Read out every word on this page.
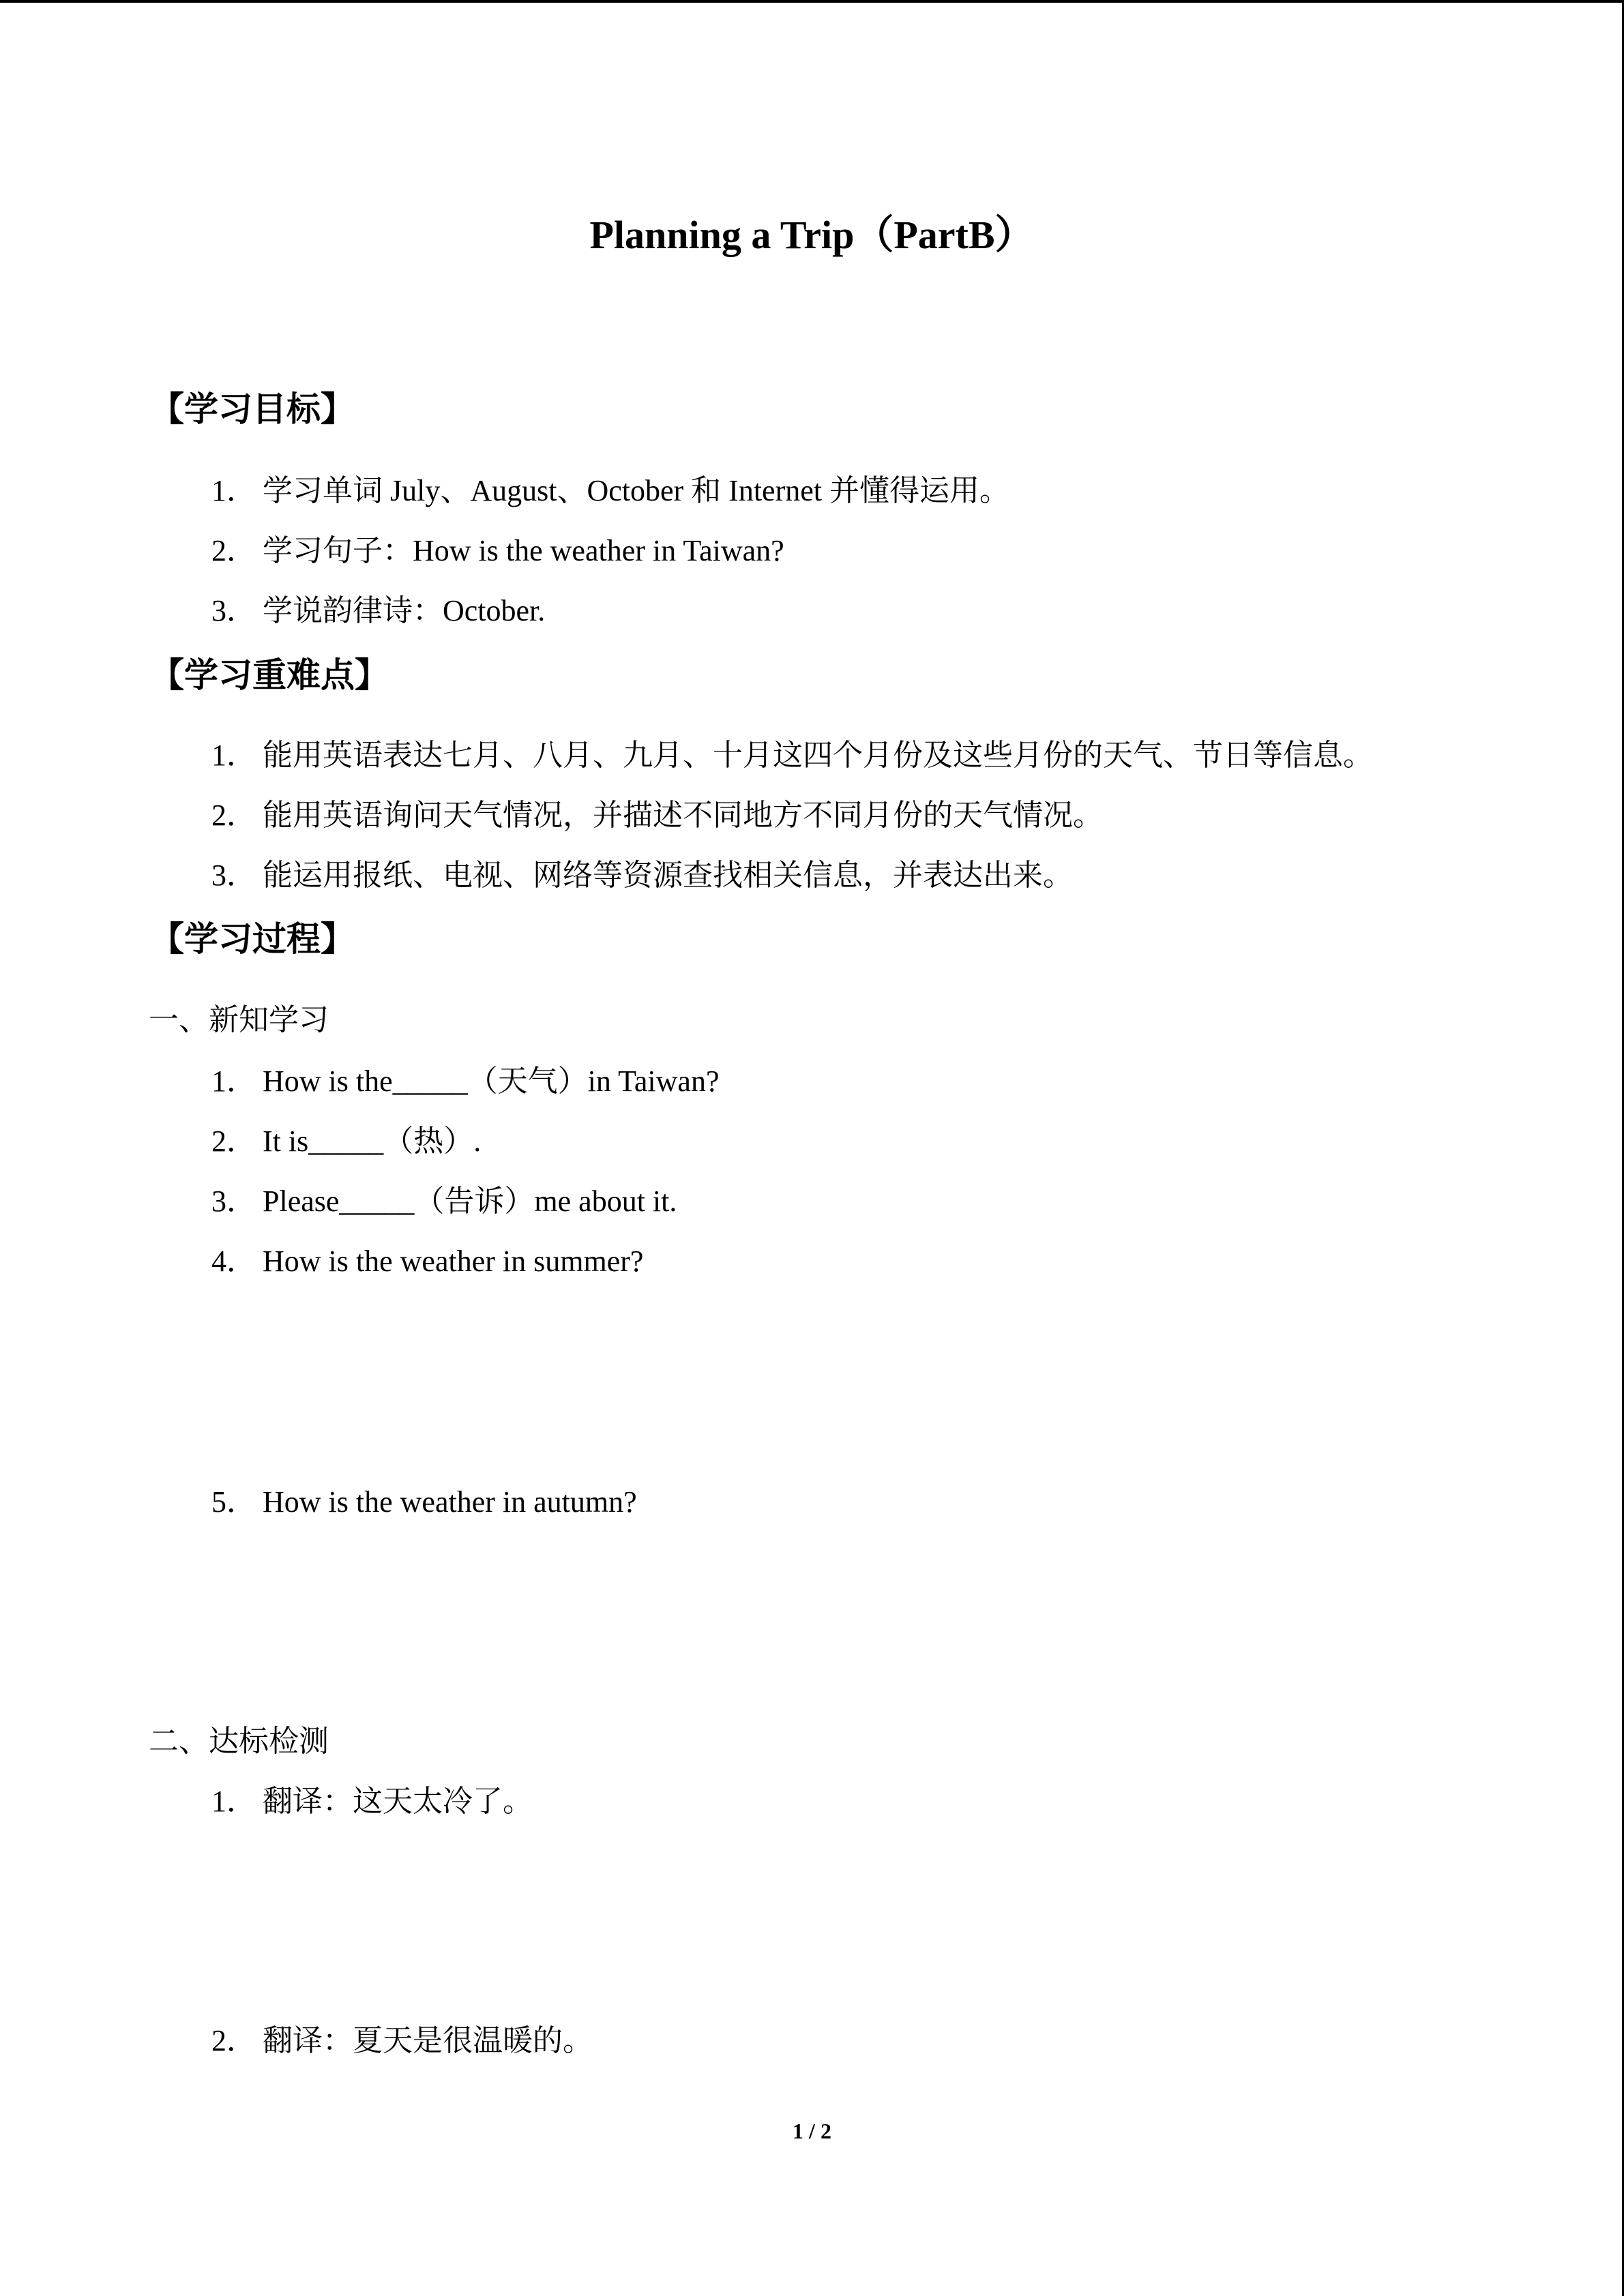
Planning a Trip（PartB）
【学习目标】
1． 学习单词 July、August、October 和 Internet 并懂得运用。
2． 学习句子：How is the weather in Taiwan?
3． 学说韵律诗：October.
【学习重难点】
1． 能用英语表达七月、八月、九月、十月这四个月份及这些月份的天气、节日等信息。
2． 能用英语询问天气情况，并描述不同地方不同月份的天气情况。
3． 能运用报纸、电视、网络等资源查找相关信息，并表达出来。
【学习过程】
一、新知学习
1． How is the_____（天气）in Taiwan?
2． It is_____（热）.
3． Please_____（告诉）me about it.
4． How is the weather in summer?
5． How is the weather in autumn?
二、达标检测
1． 翻译：这天太冷了。
2． 翻译：夏天是很温暖的。
1 / 2
